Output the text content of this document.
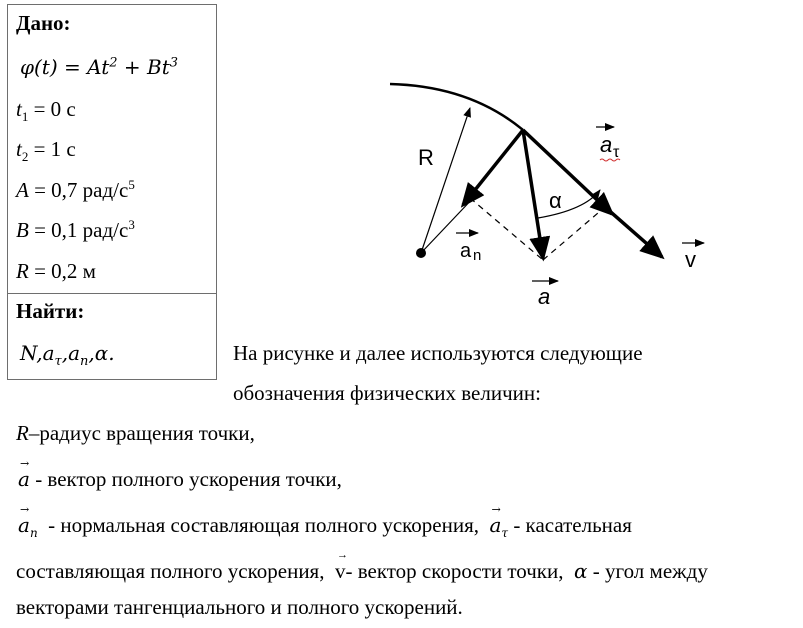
Дано:
$\varphi(t) = At^2 + Bt^3$
$t_1 = 0$ с
$t_2 = 1$ с
A = 0,7 рад/$с^5$
B = 0,1 рад/$с^3$
R = 0,2 м
Найти:
$N,a_\tau,a_n,\alpha$.
R
α
a τ
a n	v
a
На рисунке и далее используются следующие
обозначения физических величин:
R–радиус вращения точки,
→
a - вектор полного ускорения точки,
→
$a_n$  - нормальная составляющая полного ускорения,
→
$a_\tau$ - касательная
составляющая полного ускорения,
→
v- вектор скорости точки,  α - угол между
векторами тангенциального и полного ускорений.
